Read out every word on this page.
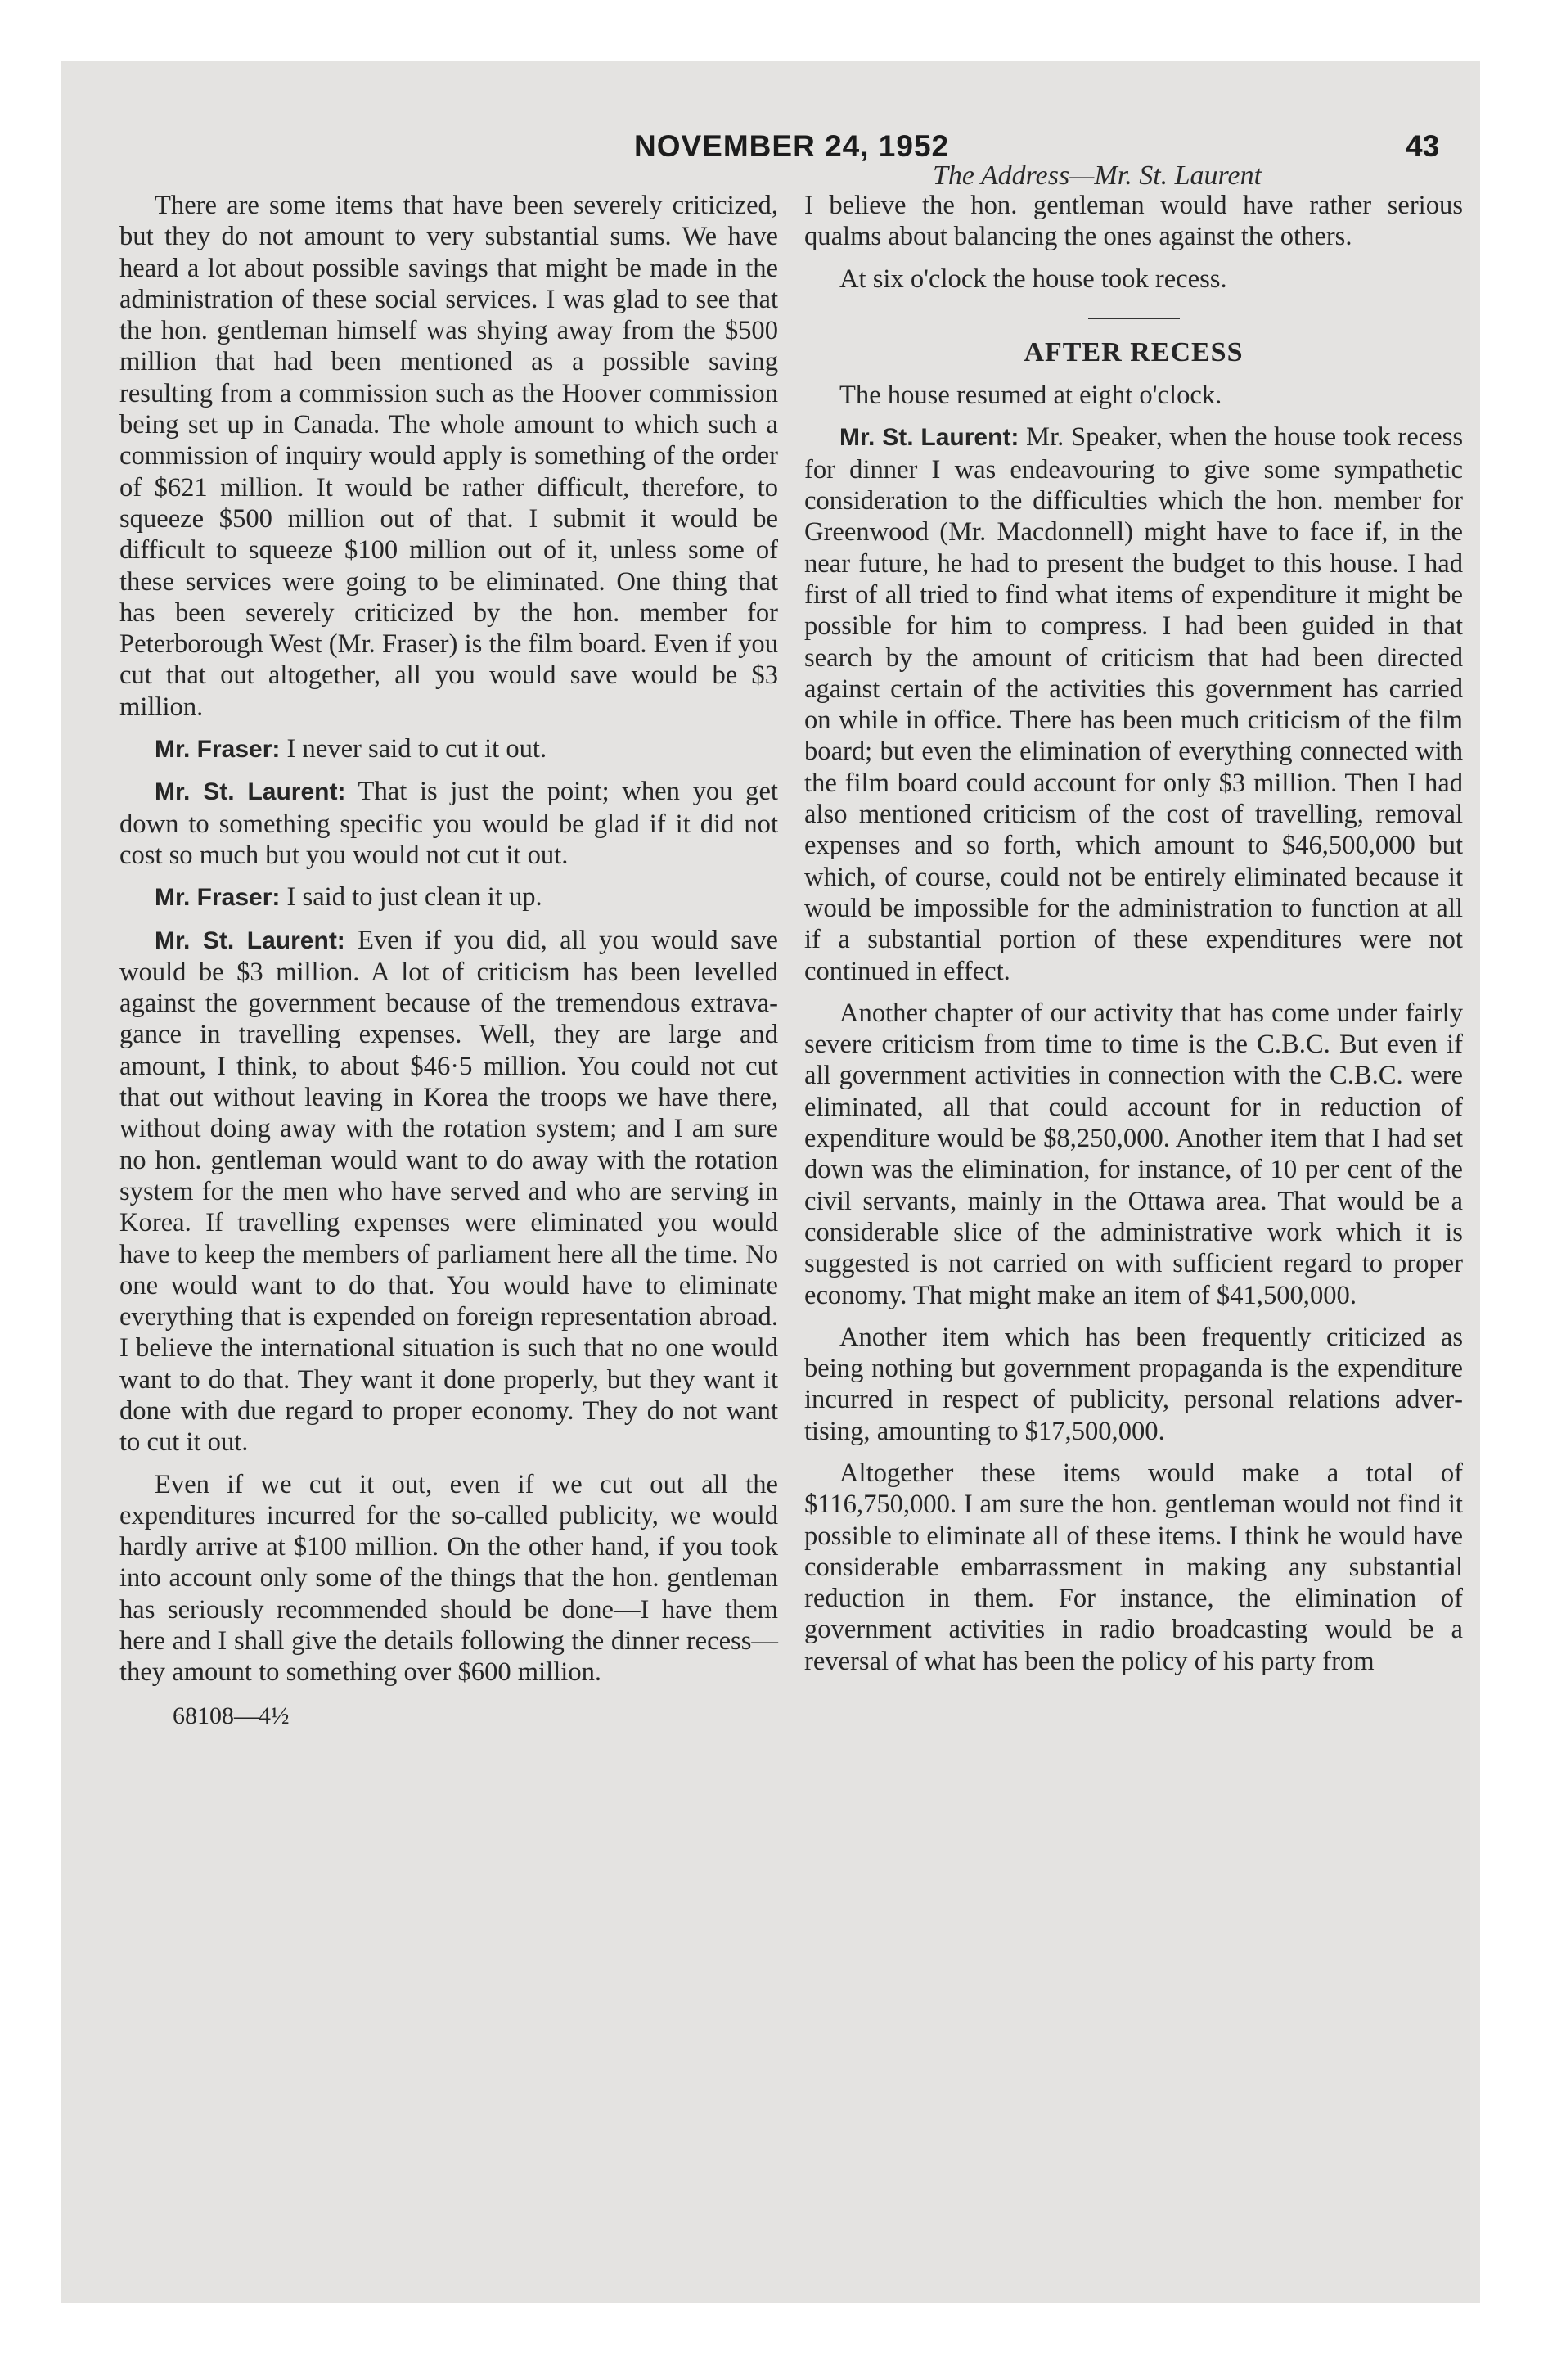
NOVEMBER 24, 1952	43
The Address—Mr. St. Laurent

There are some items that have been severely criticized, but they do not amount to very substantial sums. We have heard a lot about possible savings that might be made in the administration of these social services. I was glad to see that the hon. gentleman himself was shying away from the $500 million that had been mentioned as a possible saving resulting from a commission such as the Hoover commission being set up in Canada. The whole amount to which such a commission of inquiry would apply is something of the order of $621 million. It would be rather difficult, therefore, to squeeze $500 million out of that. I submit it would be difficult to squeeze $100 million out of it, unless some of these services were going to be eliminated. One thing that has been severely criticized by the hon. member for Peterborough West (Mr. Fraser) is the film board. Even if you cut that out altogether, all you would save would be $3 million.

Mr. Fraser: I never said to cut it out.

Mr. St. Laurent: That is just the point; when you get down to something specific you would be glad if it did not cost so much but you would not cut it out.

Mr. Fraser: I said to just clean it up.

Mr. St. Laurent: Even if you did, all you would save would be $3 million. A lot of criticism has been levelled against the government because of the tremendous extravagance in travelling expenses. Well, they are large and amount, I think, to about $46·5 million. You could not cut that out without leaving in Korea the troops we have there, without doing away with the rotation system; and I am sure no hon. gentleman would want to do away with the rotation system for the men who have served and who are serving in Korea. If travelling expenses were eliminated you would have to keep the members of parliament here all the time. No one would want to do that. You would have to eliminate everything that is expended on foreign representation abroad. I believe the international situation is such that no one would want to do that. They want it done properly, but they want it done with due regard to proper economy. They do not want to cut it out.

Even if we cut it out, even if we cut out all the expenditures incurred for the so-called publicity, we would hardly arrive at $100 million. On the other hand, if you took into account only some of the things that the hon. gentleman has seriously recommended should be done—I have them here and I shall give the details following the dinner recess—they amount to something over $600 million.

I believe the hon. gentleman would have rather serious qualms about balancing the ones against the others.

At six o'clock the house took recess.

AFTER RECESS

The house resumed at eight o'clock.

Mr. St. Laurent: Mr. Speaker, when the house took recess for dinner I was endeavouring to give some sympathetic consideration to the difficulties which the hon. member for Greenwood (Mr. Macdonnell) might have to face if, in the near future, he had to present the budget to this house. I had first of all tried to find what items of expenditure it might be possible for him to compress. I had been guided in that search by the amount of criticism that had been directed against certain of the activities this government has carried on while in office. There has been much criticism of the film board; but even the elimination of everything connected with the film board could account for only $3 million. Then I had also mentioned criticism of the cost of travelling, removal expenses and so forth, which amount to $46,500,000 but which, of course, could not be entirely eliminated because it would be impossible for the administration to function at all if a substantial portion of these expenditures were not continued in effect.

Another chapter of our activity that has come under fairly severe criticism from time to time is the C.B.C. But even if all government activities in connection with the C.B.C. were eliminated, all that could account for in reduction of expenditure would be $8,250,000. Another item that I had set down was the elimination, for instance, of 10 per cent of the civil servants, mainly in the Ottawa area. That would be a considerable slice of the administrative work which it is suggested is not carried on with sufficient regard to proper economy. That might make an item of $41,500,000.

Another item which has been frequently criticized as being nothing but government propaganda is the expenditure incurred in respect of publicity, personal relations advertising, amounting to $17,500,000.

Altogether these items would make a total of $116,750,000. I am sure the hon. gentleman would not find it possible to eliminate all of these items. I think he would have considerable embarrassment in making any substantial reduction in them. For instance, the elimination of government activities in radio broadcasting would be a reversal of what has been the policy of his party from

68108—4½
